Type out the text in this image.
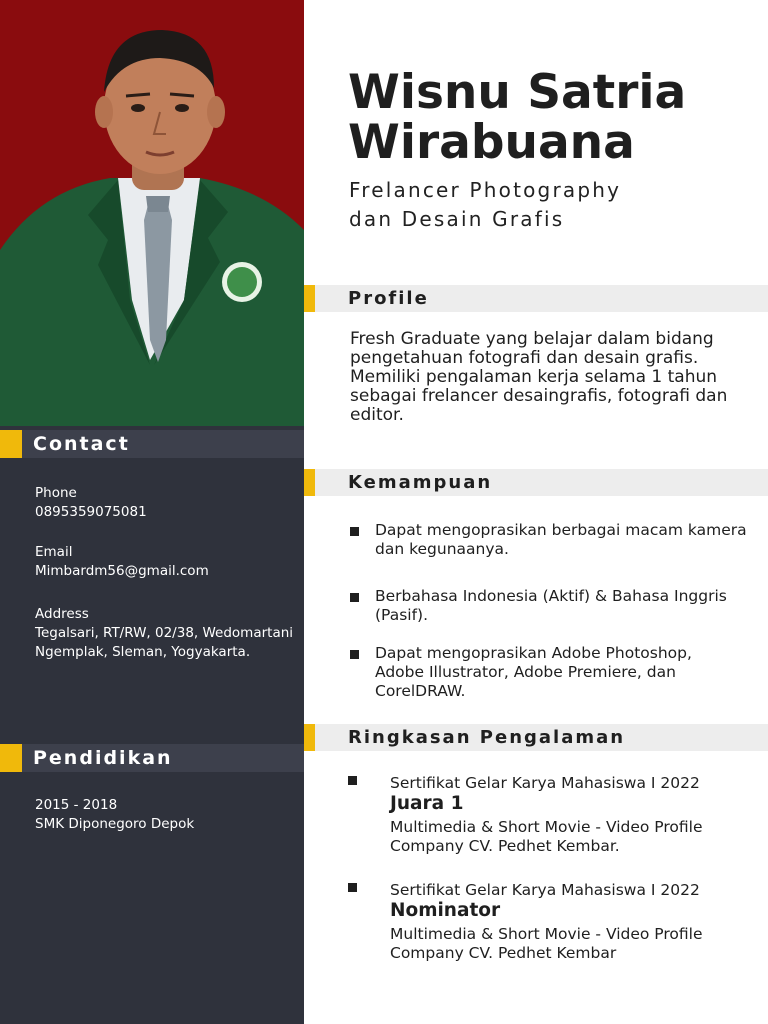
Contact
Phone
0895359075081
Email
Mimbardm56@gmail.com
Address
Tegalsari, RT/RW, 02/38, Wedomartani
Ngemplak, Sleman, Yogyakarta.
Pendidikan
2015 - 2018
SMK Diponegoro Depok
Wisnu Satria
Wirabuana
Frelancer Photography
dan Desain Grafis
Profile
Fresh Graduate yang belajar dalam bidang pengetahuan fotografi dan desain grafis. Memiliki pengalaman kerja selama 1 tahun sebagai frelancer desaingrafis, fotografi dan editor.
Kemampuan
Dapat mengoprasikan berbagai macam kamera dan kegunaanya.
Berbahasa Indonesia (Aktif) & Bahasa Inggris (Pasif).
Dapat mengoprasikan Adobe Photoshop, Adobe Illustrator, Adobe Premiere, dan CorelDRAW.
Ringkasan Pengalaman
Sertifikat Gelar Karya Mahasiswa I 2022
Juara 1
Multimedia & Short Movie - Video Profile Company CV. Pedhet Kembar.
Sertifikat Gelar Karya Mahasiswa I 2022
Nominator
Multimedia & Short Movie - Video Profile Company CV. Pedhet Kembar
